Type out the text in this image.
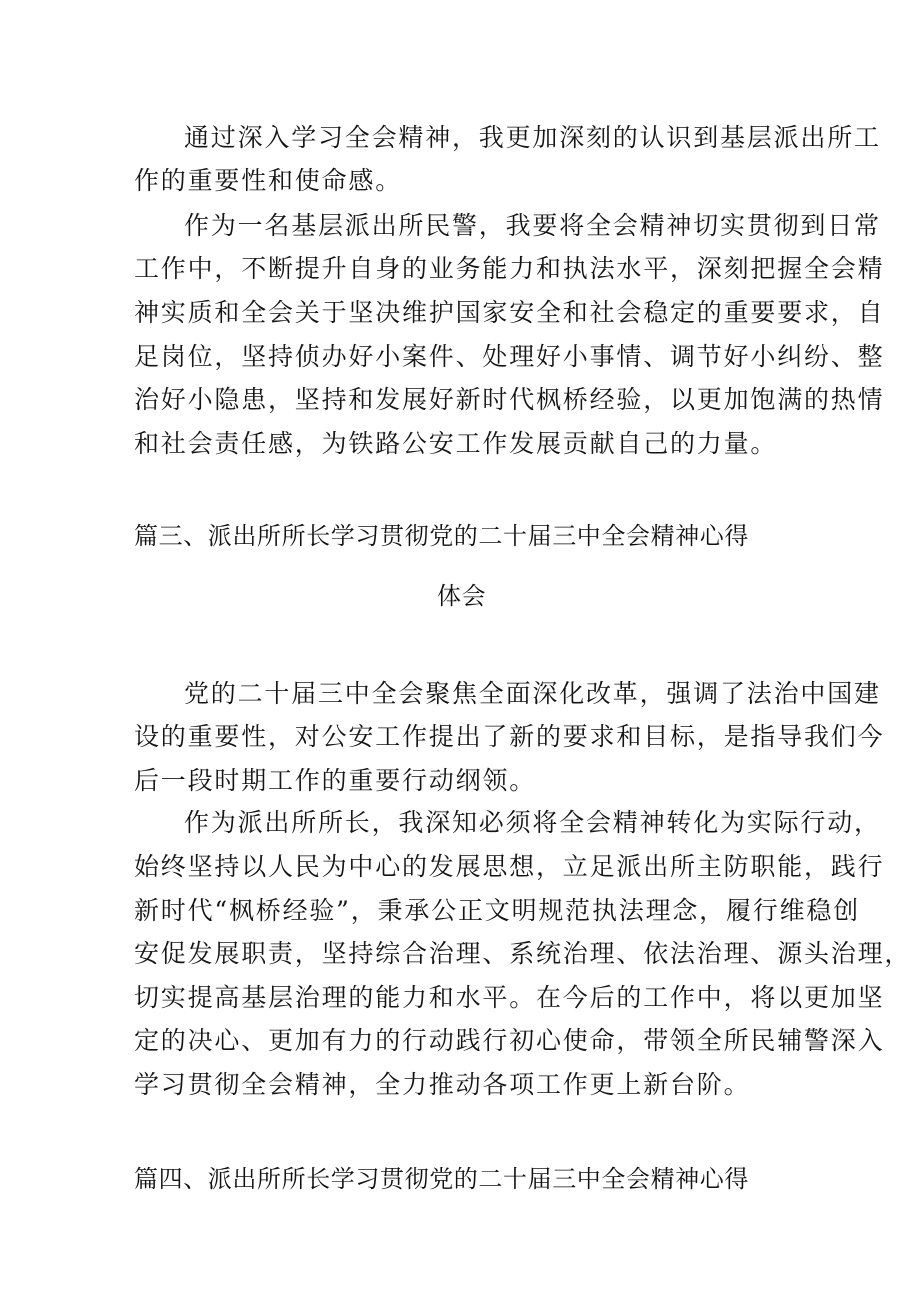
通过深入学习全会精神，我更加深刻的认识到基层派出所工
作的重要性和使命感。
作为一名基层派出所民警，我要将全会精神切实贯彻到日常
工作中，不断提升自身的业务能力和执法水平，深刻把握全会精
神实质和全会关于坚决维护国家安全和社会稳定的重要要求，自
足岗位，坚持侦办好小案件、处理好小事情、调节好小纠纷、整
治好小隐患，坚持和发展好新时代枫桥经验，以更加饱满的热情
和社会责任感，为铁路公安工作发展贡献自己的力量。
篇三、派出所所长学习贯彻党的二十届三中全会精神心得
体会
党的二十届三中全会聚焦全面深化改革，强调了法治中国建
设的重要性，对公安工作提出了新的要求和目标，是指导我们今
后一段时期工作的重要行动纲领。
作为派出所所长，我深知必须将全会精神转化为实际行动，
始终坚持以人民为中心的发展思想，立足派出所主防职能，践行
新时代“枫桥经验”，秉承公正文明规范执法理念，履行维稳创
安促发展职责，坚持综合治理、系统治理、依法治理、源头治理，
切实提高基层治理的能力和水平。在今后的工作中，将以更加坚
定的决心、更加有力的行动践行初心使命，带领全所民辅警深入
学习贯彻全会精神，全力推动各项工作更上新台阶。
篇四、派出所所长学习贯彻党的二十届三中全会精神心得
